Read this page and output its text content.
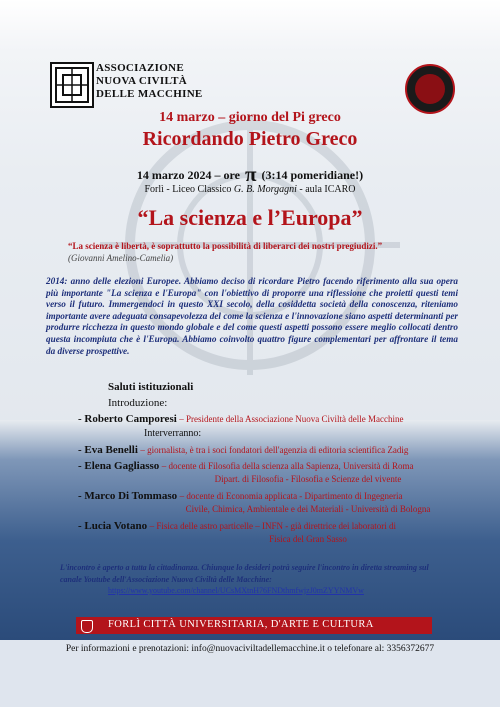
ASSOCIAZIONE
NUOVA CIVILTÀ
DELLE MACCHINE
14 marzo – giorno del Pi greco
Ricordando Pietro Greco
14 marzo 2024 – ore π (3:14 pomeridiane!)
Forlì - Liceo Classico G. B. Morgagni - aula ICARO
“La scienza e l’Europa”
“La scienza è libertà, è soprattutto la possibilità di liberarci dei nostri pregiudizi.”
(Giovanni Amelino-Camelia)
2014: anno delle elezioni Europee. Abbiamo deciso di ricordare Pietro facendo riferimento alla sua opera più importante "La scienza e l'Europa" con l'obiettivo di proporre una riflessione che proietti questi temi verso il futuro. Immergendoci in questo XXI secolo, della cosiddetta società della conoscenza, riteniamo importante avere adeguata consapevolezza del come la scienza e l'innovazione siano aspetti determinanti per produrre ricchezza in questo mondo globale e del come questi aspetti possono essere meglio collocati dentro questa incompiuta che è l'Europa. Abbiamo coinvolto quattro figure complementari per affrontare il tema da diverse prospettive.
Saluti istituzionali
Introduzione:
- Roberto Camporesi – Presidente della Associazione Nuova Civiltà delle Macchine
Interverranno:
- Eva Benelli – giornalista, è tra i soci fondatori dell'agenzia di editoria scientifica Zadig
- Elena Gagliasso – docente di Filosofia della scienza alla Sapienza, Università di Roma
Dipart. di Filosofia - Filosofia e Scienze del vivente
- Marco Di Tommaso – docente di Economia applicata - Dipartimento di Ingegneria
Civile, Chimica, Ambientale e dei Materiali - Università di Bologna
- Lucia Votano – Fisica delle astro particelle – INFN - già direttrice dei laboratori di
Fisica del Gran Sasso
L'incontro è aperto a tutta la cittadinanza. Chiunque lo desideri potrà seguire l'incontro in diretta streaming sul
canale Youtube dell'Associazione Nuova Civiltà delle Macchine:
https://www.youtube.com/channel/UCsMXtnH76FNDthmfwjzJ0mZYYNMVw
FORLÌ CITTÀ UNIVERSITARIA, D'ARTE E CULTURA
Per informazioni e prenotazioni: info@nuovaciviltadellemacchine.it o telefonare al: 3356372677
